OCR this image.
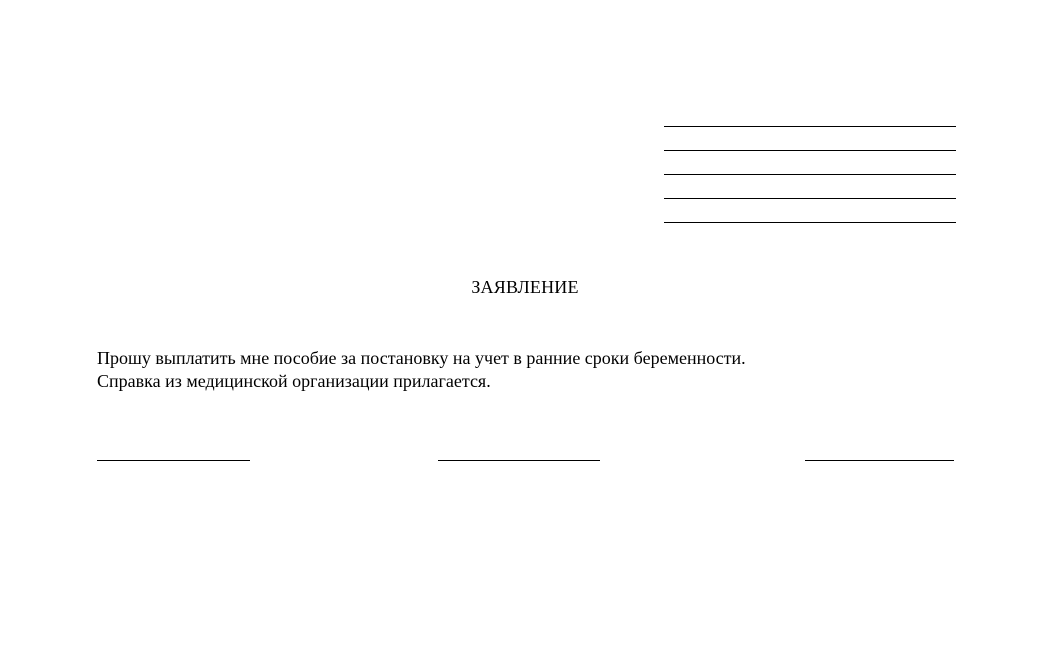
ЗАЯВЛЕНИЕ

Прошу выплатить мне пособие за постановку на учет в ранние сроки беременности.

Справка из медицинской организации прилагается.
